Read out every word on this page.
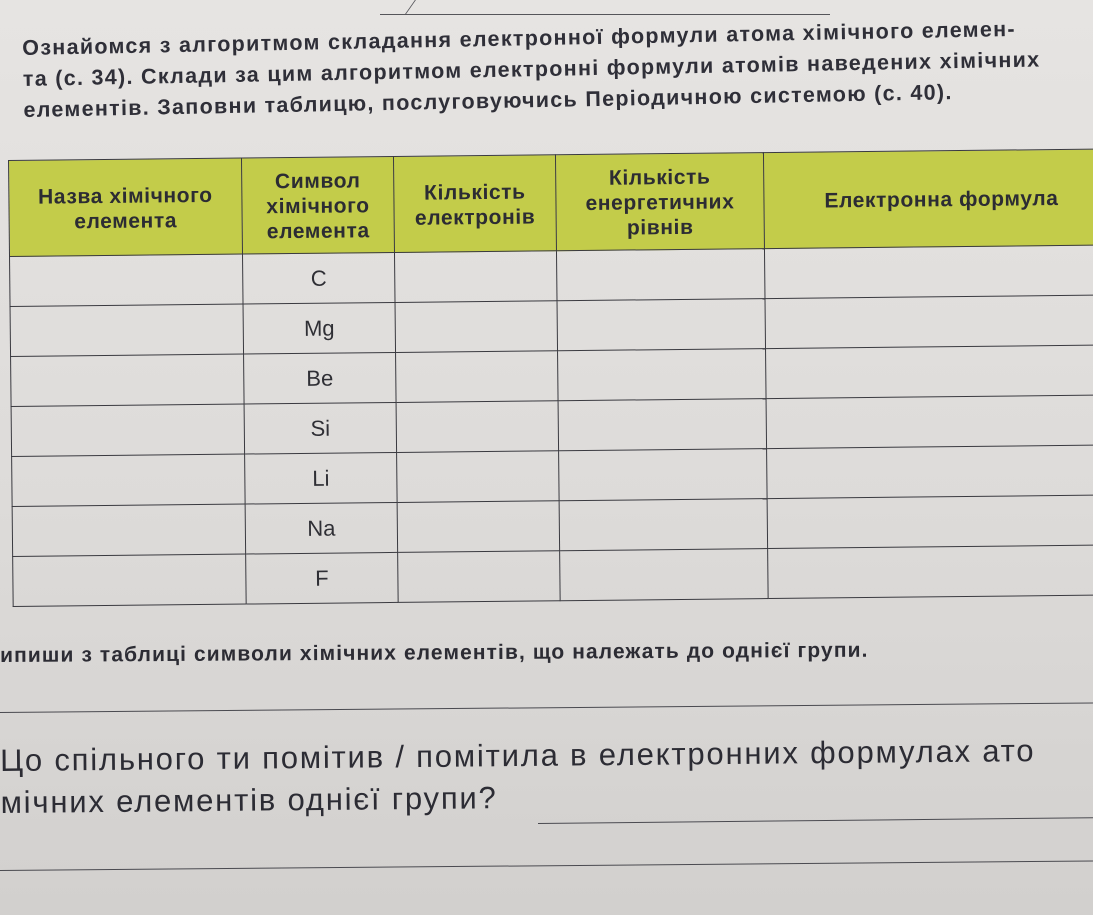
Ознайомся з алгоритмом складання електронної формули атома хімічного елемен-
та (с. 34). Склади за цим алгоритмом електронні формули атомів наведених хімічних
елементів. Заповни таблицю, послуговуючись Періодичною системою (с. 40).
Назва хімічного елемента	Символ хімічного елемента	Кількість електронів	Кількість енергетичних рівнів	Електронна формула
	C			
	Mg			
	Be			
	Si			
	Li			
	Na			
	F			
ипиши з таблиці символи хімічних елементів, що належать до однієї групи.
Цо спільного ти помітив / помітила в електронних формулах ато
мічних елементів однієї групи?
